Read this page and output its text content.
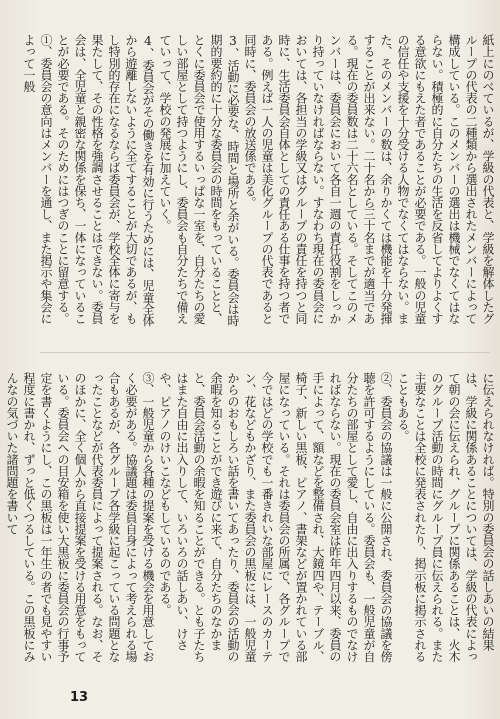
紙上にのべているが、学級の代表と、学級を解体したグループの代表の二種類から選出されたメンバーによって構成している。このメンバーの選出は機械でなくてはならない。積極的に自分たちの生活を反省してよりよくする意欲にもえた者であることが必要である。一般の児童の信任や支援を十分受ける人物でなくてはならない。また、そのメンバーの数は、余りかくては機能を十分発揮することが出来ない。二十名から三十名までが適当である。現在の委員数は二十六名としている。そしてこのメンバーは、委員会において各自一週の責任役割をしっかり持っていなければならない。すなわち現在の委員会においては、各担当の学級又はグループの責任を持つと同時に、生活委員会自体としての責任ある仕事を持つ者である。例えば一人の児童は美化グループの代表であると同時に、委員会の放送係である。

3、活動に必要な、時間と場所と余がいる。委員会は時期的要約的に十分な委員会の時間をもっていることと、とくに委員会で使用するいっぱな一室を、自分たちの愛しい部屋として持つようにし、委員会も自分たちで備えていって、学校の発展に加えていく。

4、委員会がその働きを有効に行うためには、児童全体から遊離しないように全てすることが大切であるが、もし特別的存在になるならば委員会が、学校全体に寄与を果たして、その性格を強調させることはできない。委員会は、全児童と親密な関係を保ち、一体になっていることが必要である。そのためにはつぎのことに留意する。

①、委員会の意向はメンバーを通し、また掲示や集会によって一般

に伝えられなければ。特別の委員会の話しあいの結果は、学級に関係あることについては、学級の代表によって朝の会に伝えられ、グループに関係あることは、火木のグループ活動の時間にグループ員に伝えられる。また主要なことは全校に発表されたり、掲示板に掲示されることもある。

②、委員会の協議は一般に公開され、委員会の協議を傍聴を許可するようにしている。委員会も、一般児童が自分たちの部屋として愛し、自由に出入りするものでなければならない。現在の委員会室は昨年四月以来、委員の手によって、額などを整備され、大鏡四や、テーブル、椅子、新しい黒板、ピアノ、書架などが置かれている部屋になっている。それは委員会の所属で、各グループで今ではどの学校でも一番きれいな部屋にレースのカーテン、花などもかざり、また委員会の黒板には、一般児童からのおもしろい話を書いてあったり、委員会の活動の余暇を知ることができ遊びに来て、自分たちのなかまと、委員会活動の余暇を知ることができる。とも子たちはまた自由に出入りして、いろいろの話しあい、けさや、ピアノのけいこなどもしているのである。

③、一般児童から各種の提案を受ける機会を用意しておく必要がある。協議題は委員自身によって考えられる場合もあるが、各グループ各学級に起こっている問題となったことなどが代表委員によって提案される。なお、そのほかに、全く個人から直接提案を受ける用意をもっている。委員会への目安箱を使い大黒板に委員会の行事予定を書くようにし、この黒板は一年生の者でも見やすい程度に書かれ、ずっと低くつるしている。この黒板にみんなの気づいた諸問題を書いて

13
